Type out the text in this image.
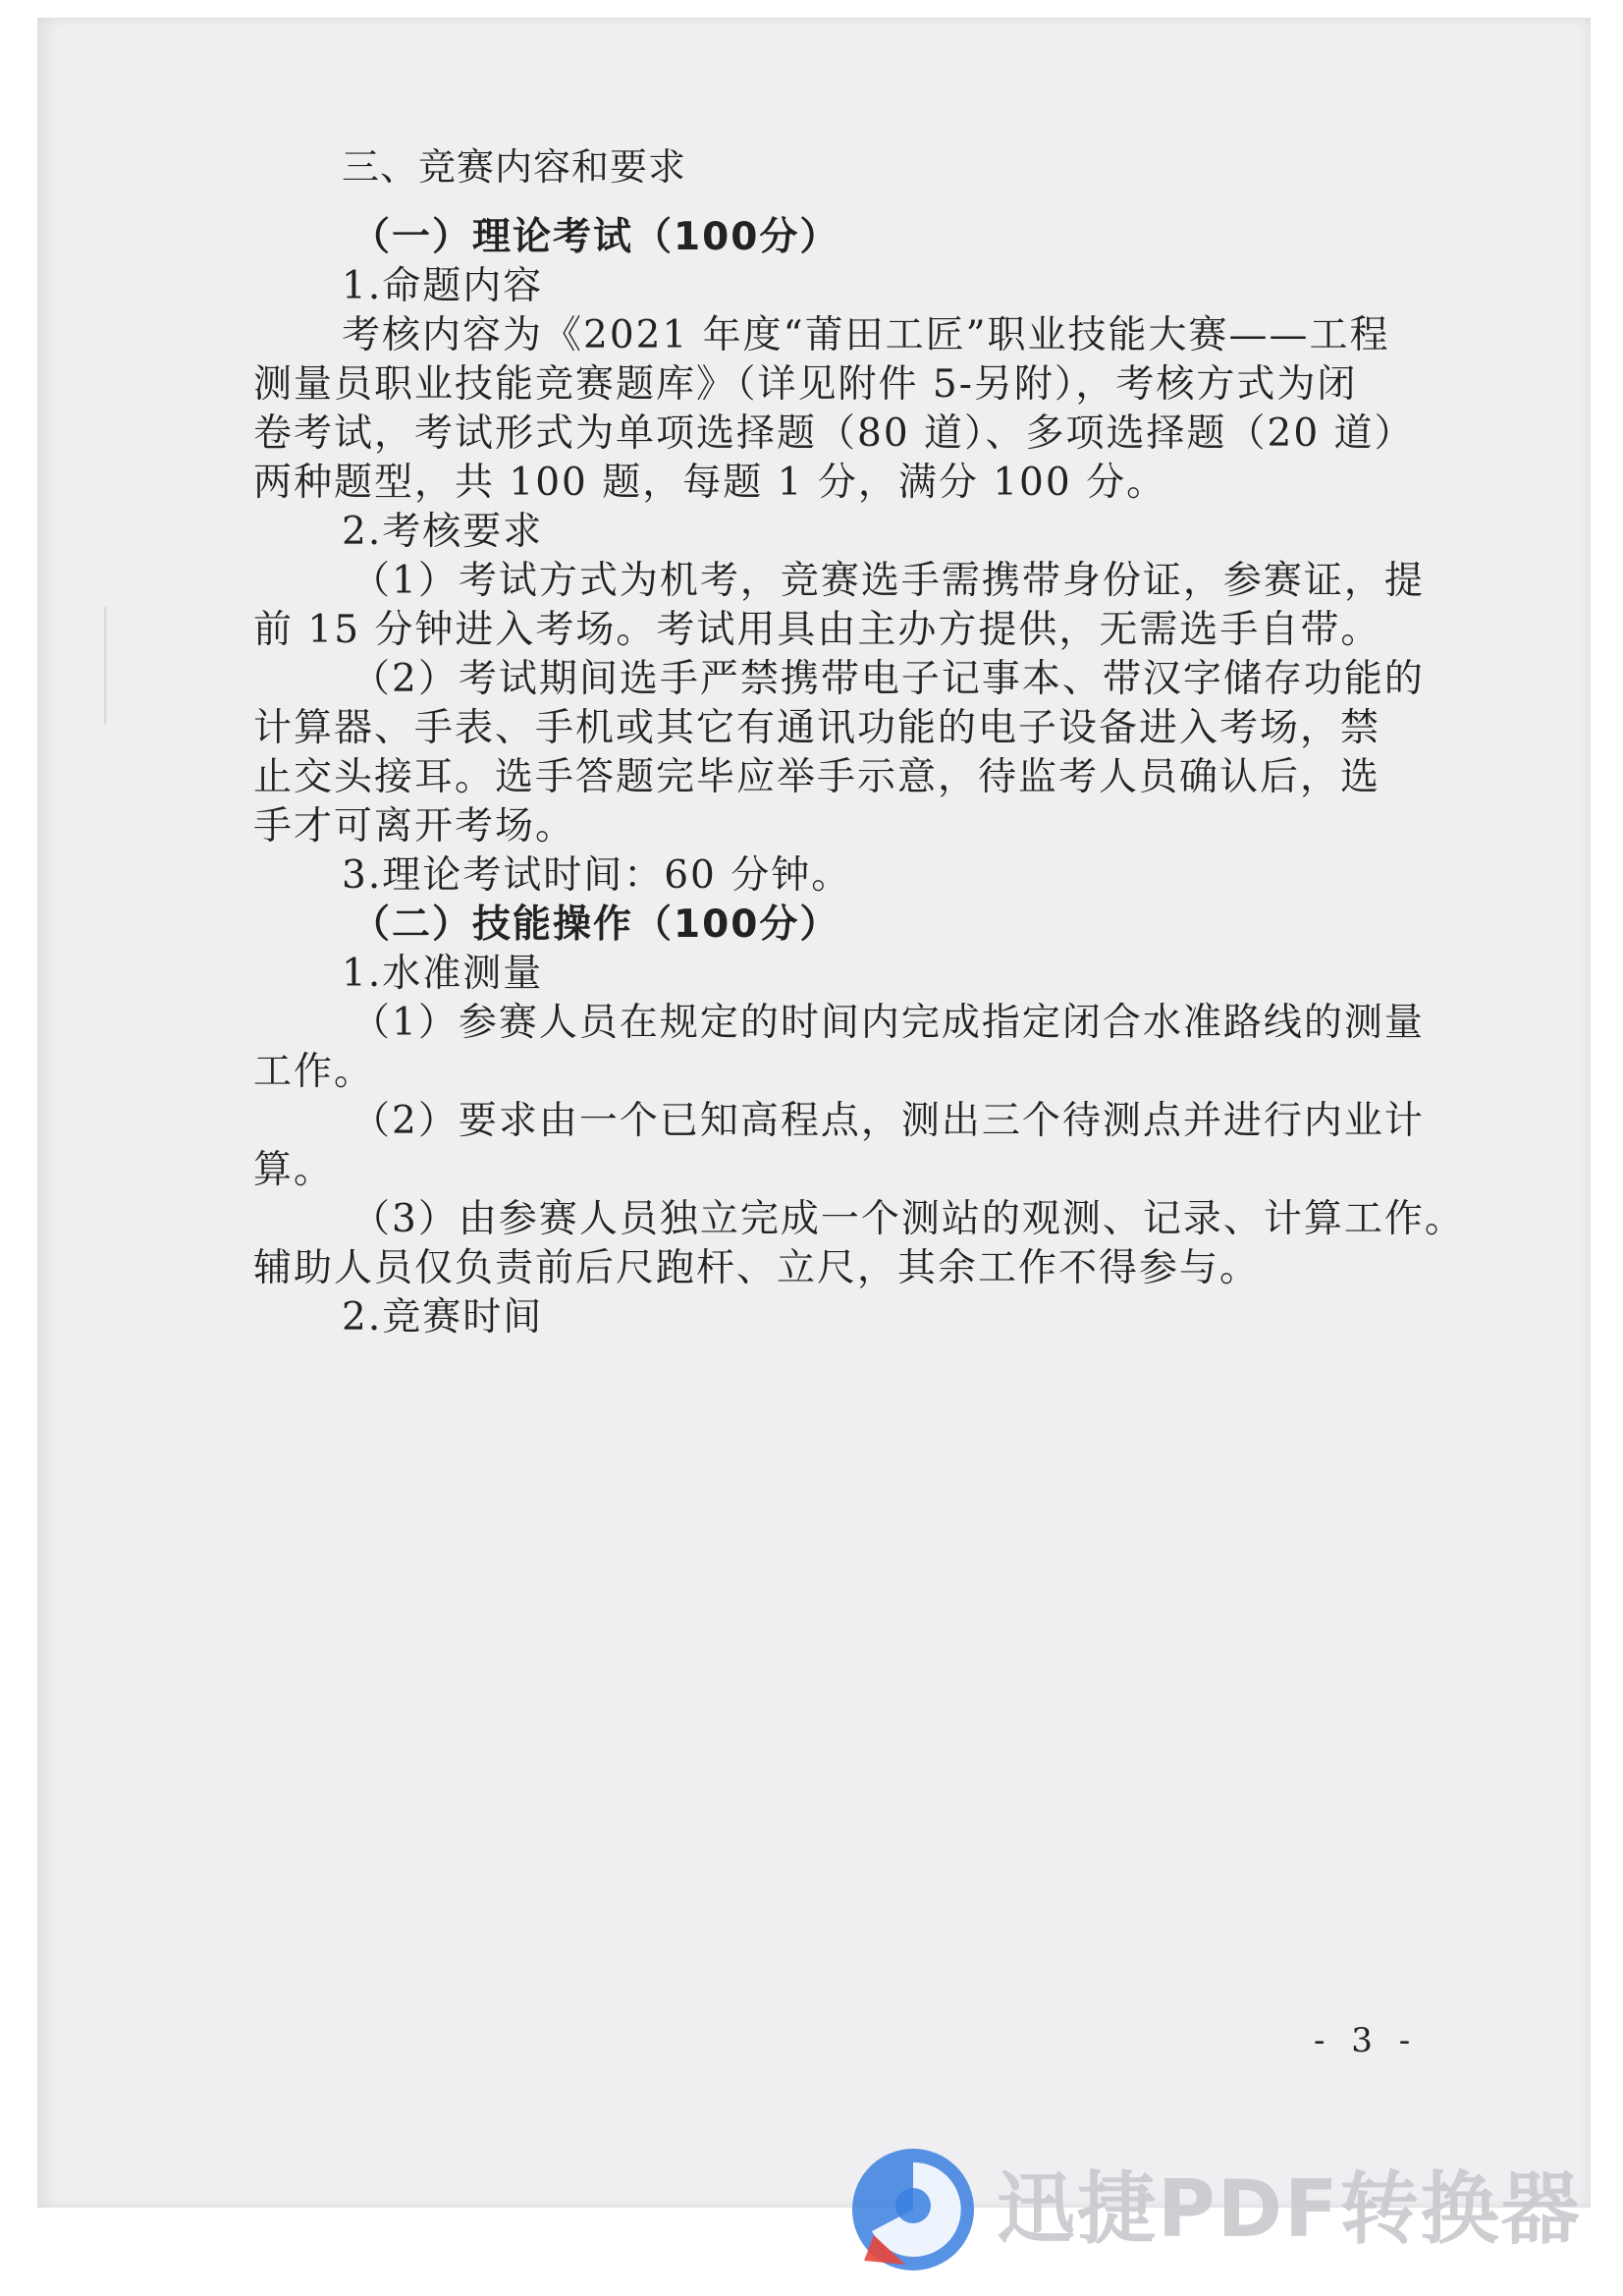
三、竞赛内容和要求
（一）理论考试（100分）
1.命题内容
考核内容为《2021 年度“莆田工匠”职业技能大赛——工程
测量员职业技能竞赛题库》（详见附件 5-另附），考核方式为闭
卷考试，考试形式为单项选择题（80 道）、多项选择题（20 道）
两种题型，共 100 题，每题 1 分，满分 100 分。
2.考核要求
（1）考试方式为机考，竞赛选手需携带身份证，参赛证，提
前 15 分钟进入考场。考试用具由主办方提供，无需选手自带。
（2）考试期间选手严禁携带电子记事本、带汉字储存功能的
计算器、手表、手机或其它有通讯功能的电子设备进入考场，禁
止交头接耳。选手答题完毕应举手示意，待监考人员确认后，选
手才可离开考场。
3.理论考试时间：60 分钟。
（二）技能操作（100分）
1.水准测量
（1）参赛人员在规定的时间内完成指定闭合水准路线的测量
工作。
（2）要求由一个已知高程点，测出三个待测点并进行内业计
算。
（3）由参赛人员独立完成一个测站的观测、记录、计算工作。
辅助人员仅负责前后尺跑杆、立尺，其余工作不得参与。
2.竞赛时间
- 3 -
迅捷PDF转换器
